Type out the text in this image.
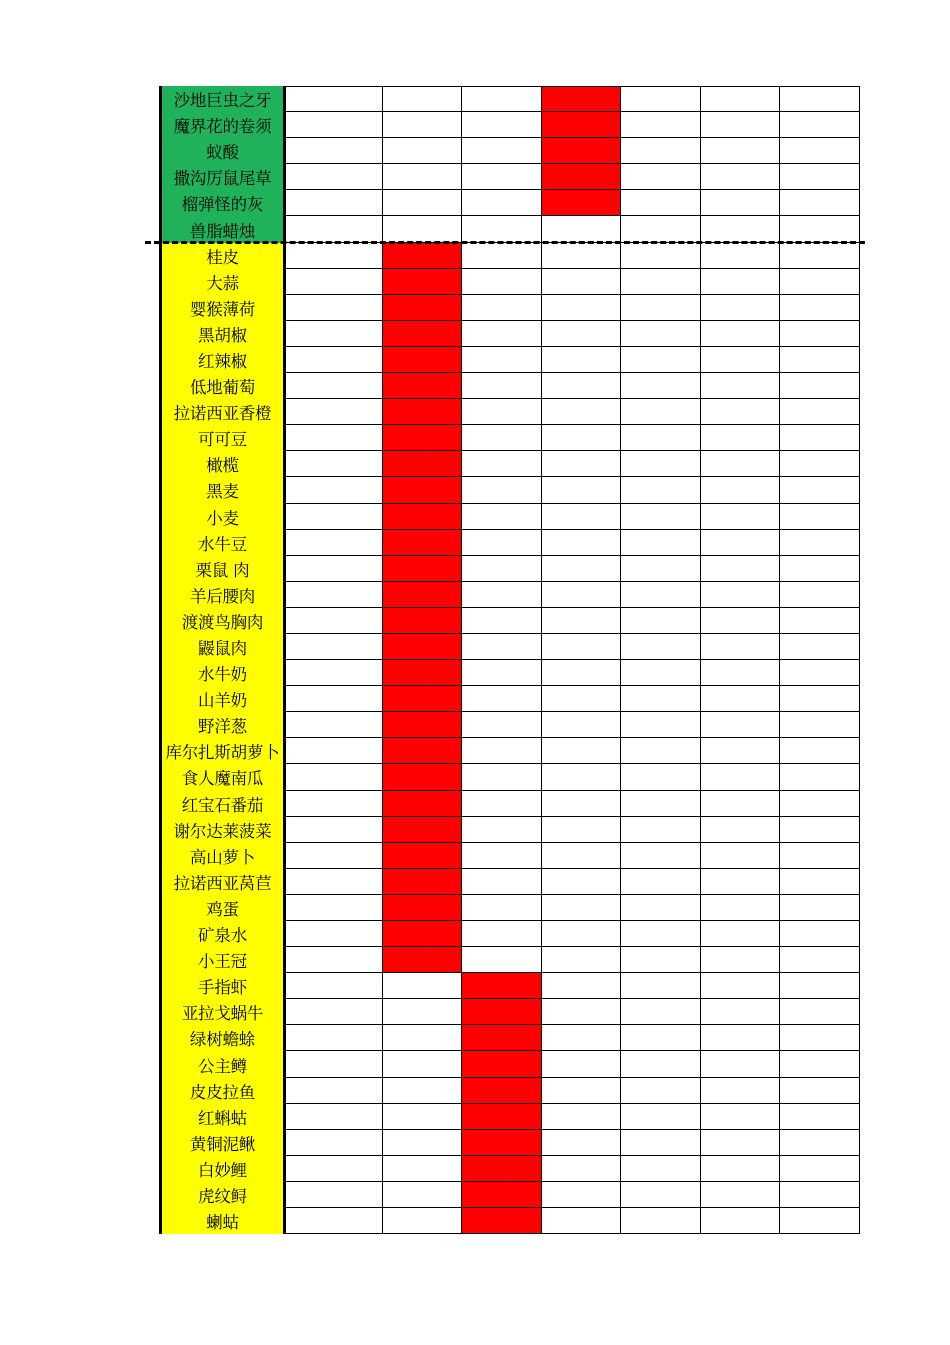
沙地巨虫之牙
魔界花的卷须
蚁酸
撒沟厉鼠尾草
榴弹怪的灰
兽脂蜡烛
桂皮
大蒜
婴猴薄荷
黑胡椒
红辣椒
低地葡萄
拉诺西亚香橙
可可豆
橄榄
黑麦
小麦
水牛豆
栗鼠 肉
羊后腰肉
渡渡鸟胸肉
鼹鼠肉
水牛奶
山羊奶
野洋葱
库尔扎斯胡萝卜
食人魔南瓜
红宝石番茄
谢尔达莱菠菜
高山萝卜
拉诺西亚莴苣
鸡蛋
矿泉水
小王冠
手指虾
亚拉戈蜗牛
绿树蟾蜍
公主鳟
皮皮拉鱼
红蝌蛄
黄铜泥鳅
白妙鲤
虎纹鲟
蝲蛄
